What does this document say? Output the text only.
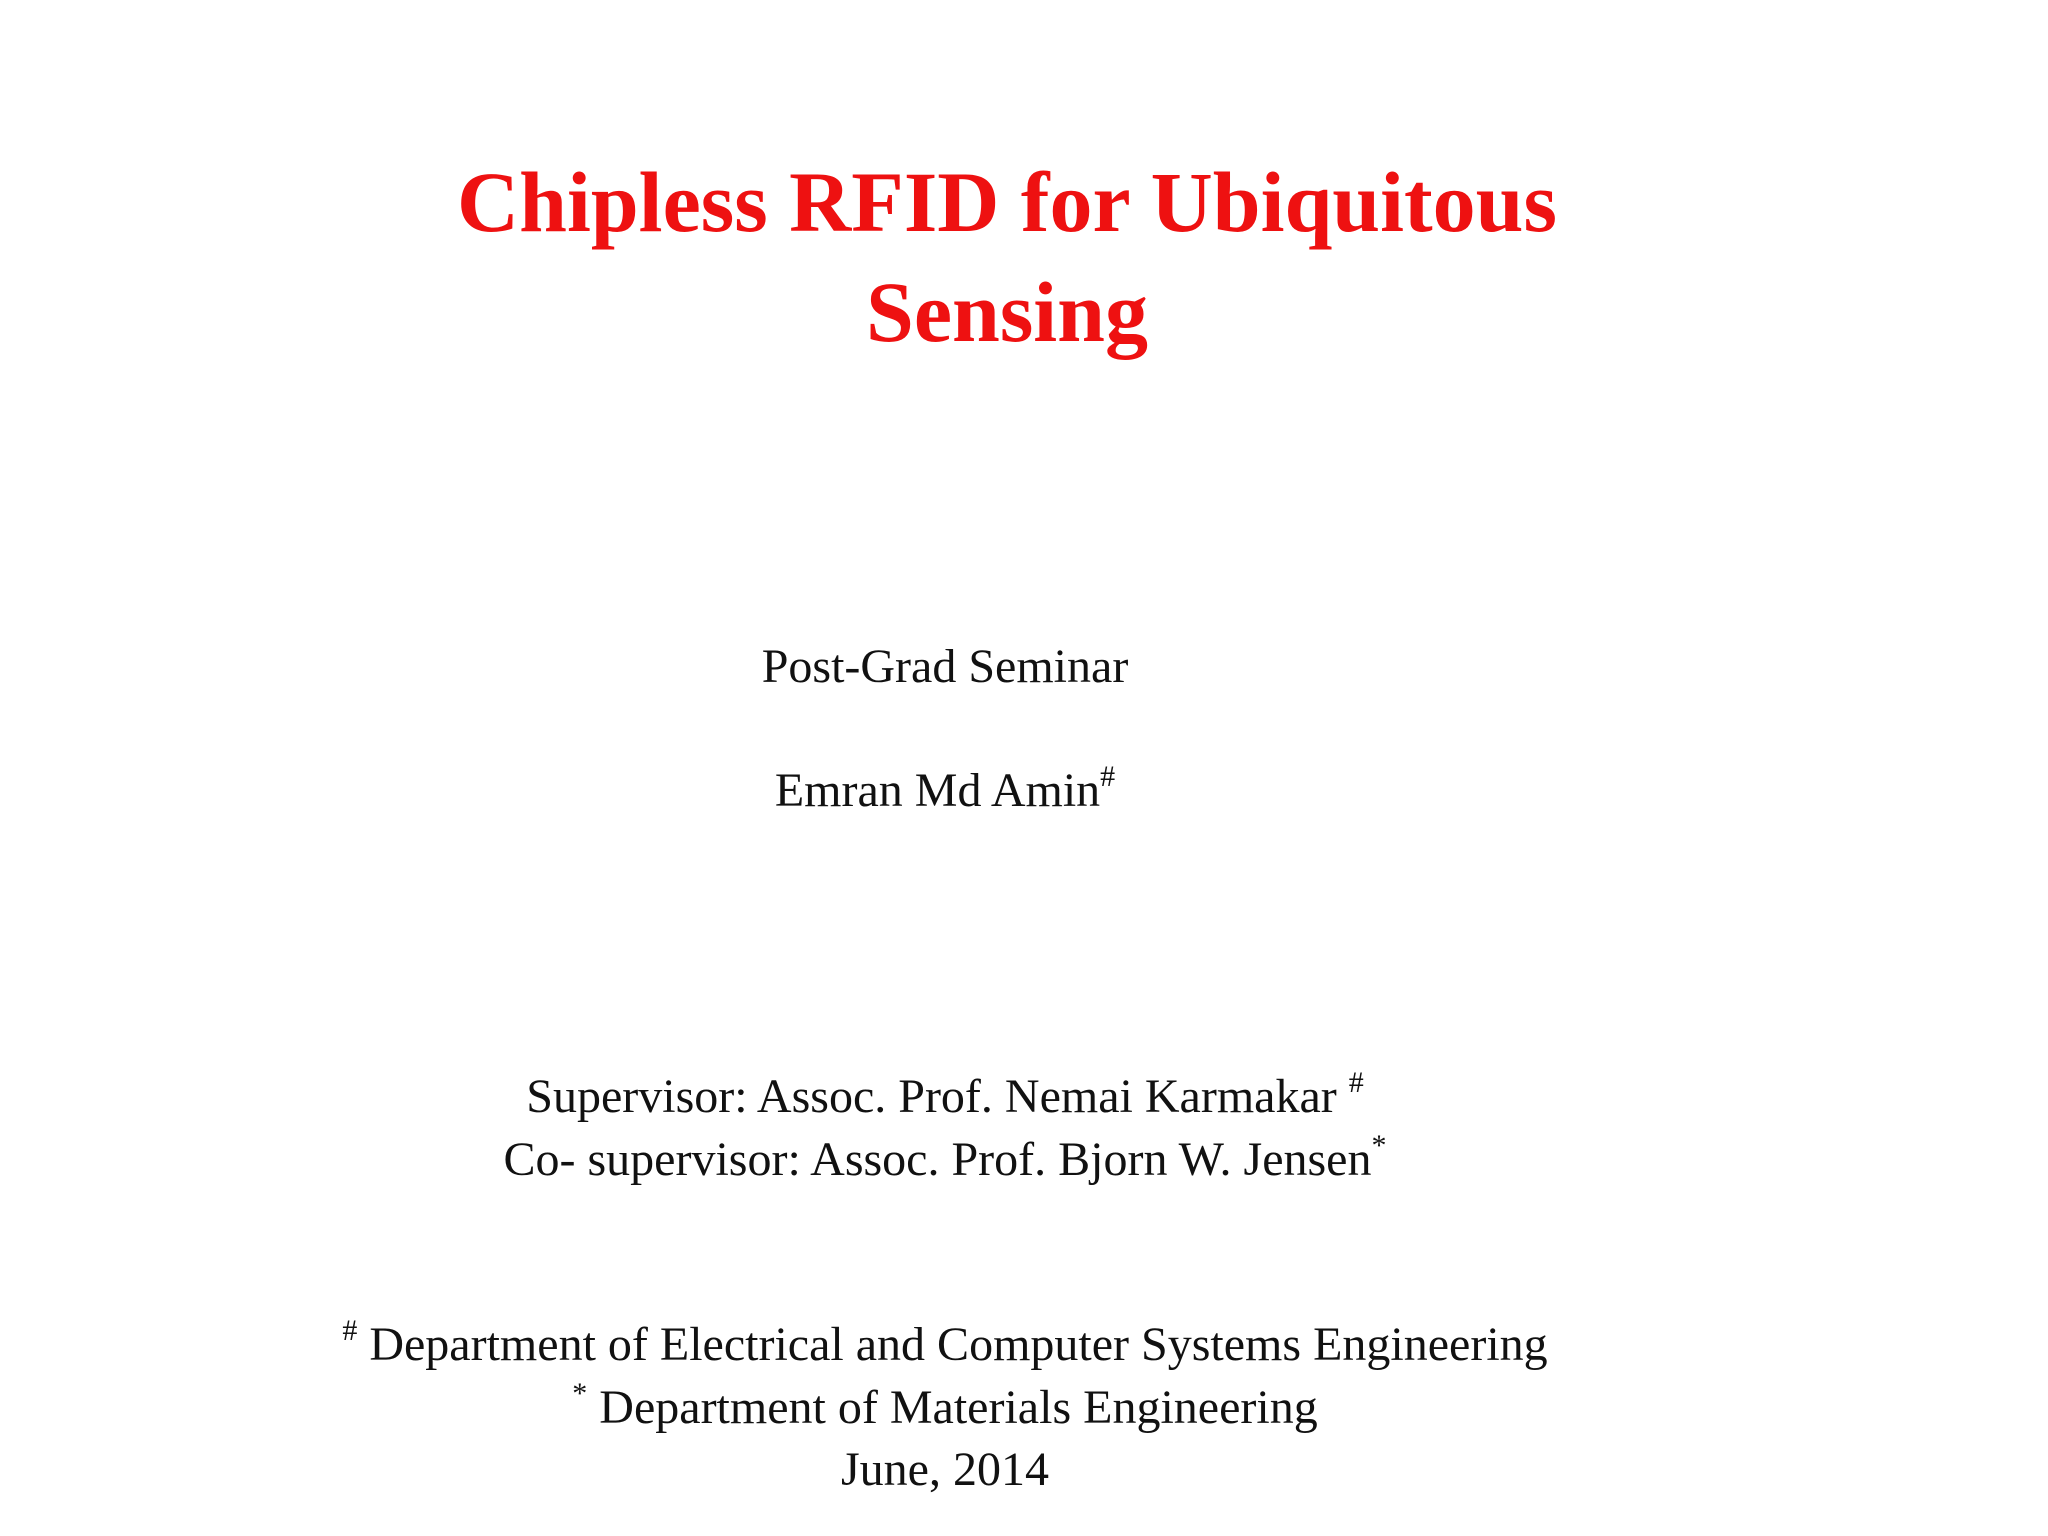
Chipless RFID for Ubiquitous
Sensing
Post-Grad Seminar
Emran Md Amin#
Supervisor: Assoc. Prof. Nemai Karmakar #
Co- supervisor: Assoc. Prof. Bjorn W. Jensen*
# Department of Electrical and Computer Systems Engineering
* Department of Materials Engineering
June, 2014
